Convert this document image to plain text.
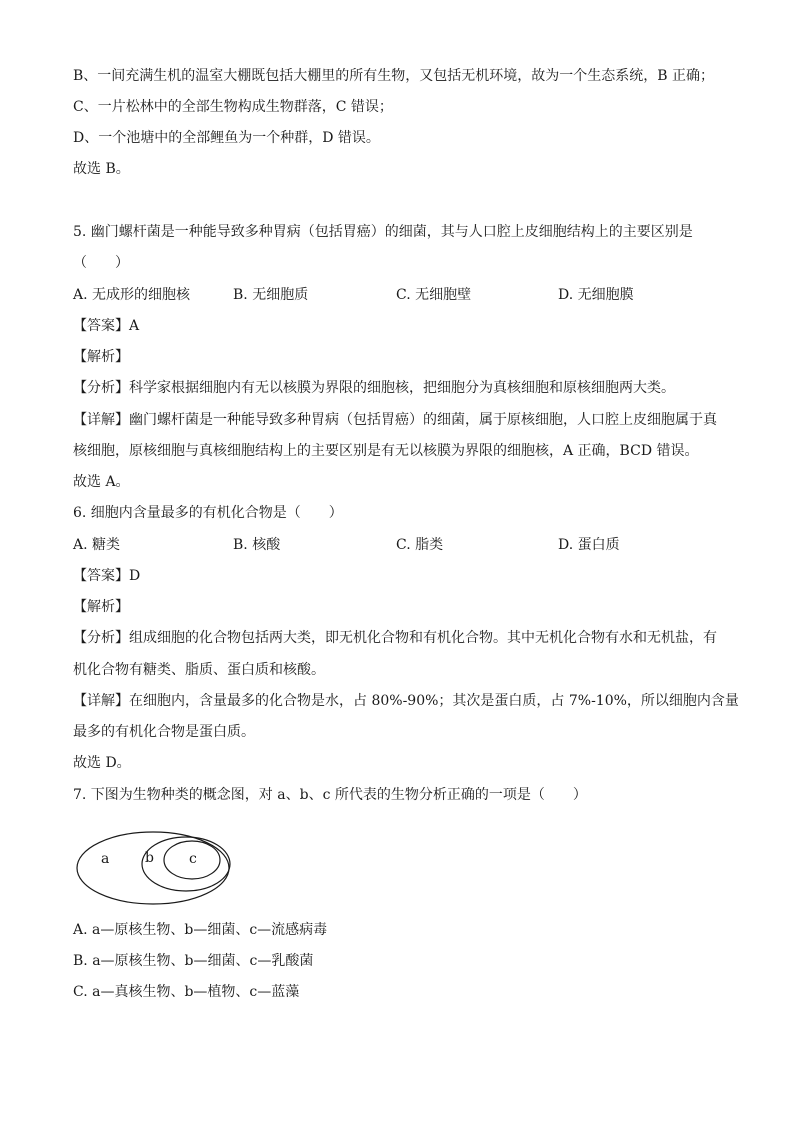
B、一间充满生机的温室大棚既包括大棚里的所有生物，又包括无机环境，故为一个生态系统，B 正确；
C、一片松林中的全部生物构成生物群落，C 错误；
D、一个池塘中的全部鲤鱼为一个种群，D 错误。
故选 B。
5. 幽门螺杆菌是一种能导致多种胃病（包括胃癌）的细菌，其与人口腔上皮细胞结构上的主要区别是
（　　）
A. 无成形的细胞核	B. 无细胞质	C. 无细胞壁	D. 无细胞膜
【答案】A
【解析】
【分析】科学家根据细胞内有无以核膜为界限的细胞核，把细胞分为真核细胞和原核细胞两大类。
【详解】幽门螺杆菌是一种能导致多种胃病（包括胃癌）的细菌，属于原核细胞，人口腔上皮细胞属于真
核细胞，原核细胞与真核细胞结构上的主要区别是有无以核膜为界限的细胞核，A 正确，BCD 错误。
故选 A。
6. 细胞内含量最多的有机化合物是（　　）
A. 糖类	B. 核酸	C. 脂类	D. 蛋白质
【答案】D
【解析】
【分析】组成细胞的化合物包括两大类，即无机化合物和有机化合物。其中无机化合物有水和无机盐，有
机化合物有糖类、脂质、蛋白质和核酸。
【详解】在细胞内，含量最多的化合物是水，占 80%-90%；其次是蛋白质，占 7%-10%，所以细胞内含量
最多的有机化合物是蛋白质。
故选 D。
7. 下图为生物种类的概念图，对 a、b、c 所代表的生物分析正确的一项是（　　）
a	b	c
A. a—原核生物、b—细菌、c—流感病毒
B. a—原核生物、b—细菌、c—乳酸菌
C. a—真核生物、b—植物、c—蓝藻
